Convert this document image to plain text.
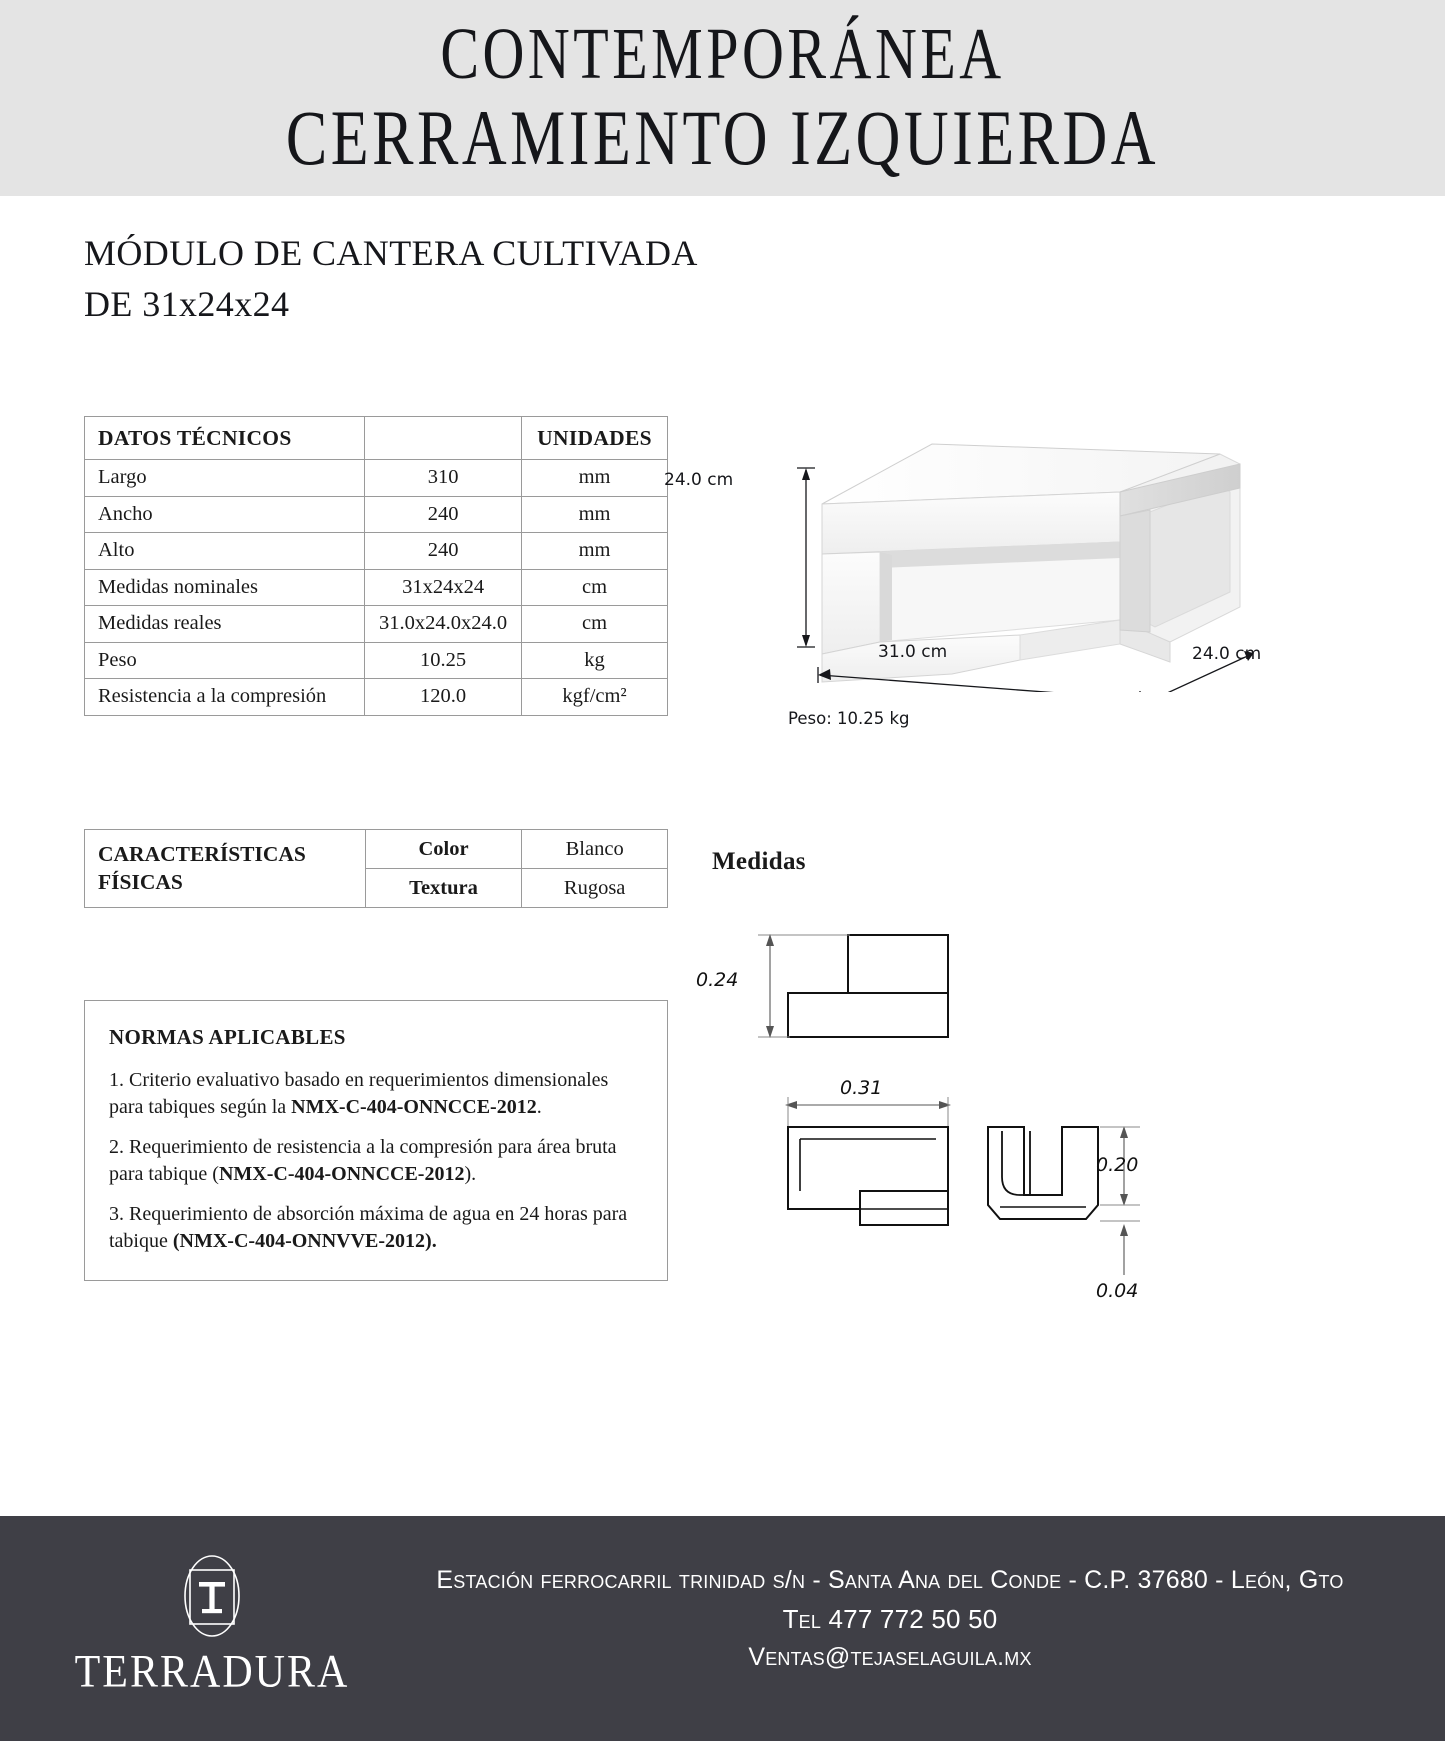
CONTEMPORÁNEA
CERRAMIENTO IZQUIERDA
MÓDULO DE CANTERA CULTIVADA
DE 31x24x24
DATOS TÉCNICOS		UNIDADES
Largo	310	mm
Ancho	240	mm
Alto	240	mm
Medidas nominales	31x24x24	cm
Medidas reales	31.0x24.0x24.0	cm
Peso	10.25	kg
Resistencia a la compresión	120.0	kgf/cm²
CARACTERÍSTICAS FÍSICAS	Color	Blanco
	Textura	Rugosa
NORMAS APLICABLES
1. Criterio evaluativo basado en requerimientos dimensionales para tabiques según la NMX-C-404-ONNCCE-2012.
2. Requerimiento de resistencia a la compresión para área bruta para tabique (NMX-C-404-ONNCCE-2012).
3. Requerimiento de absorción máxima de agua en 24 horas para tabique (NMX-C-404-ONNVVE-2012).
24.0 cm
31.0 cm	24.0 cm
Peso: 10.25 kg
Medidas
0.24
0.31
0.20
0.04
TERRADURA
Estación ferrocarril trinidad s/n - Santa Ana del Conde - C.P. 37680 - León, Gto
Tel 477 772 50 50
Ventas@tejaselaguila.mx
